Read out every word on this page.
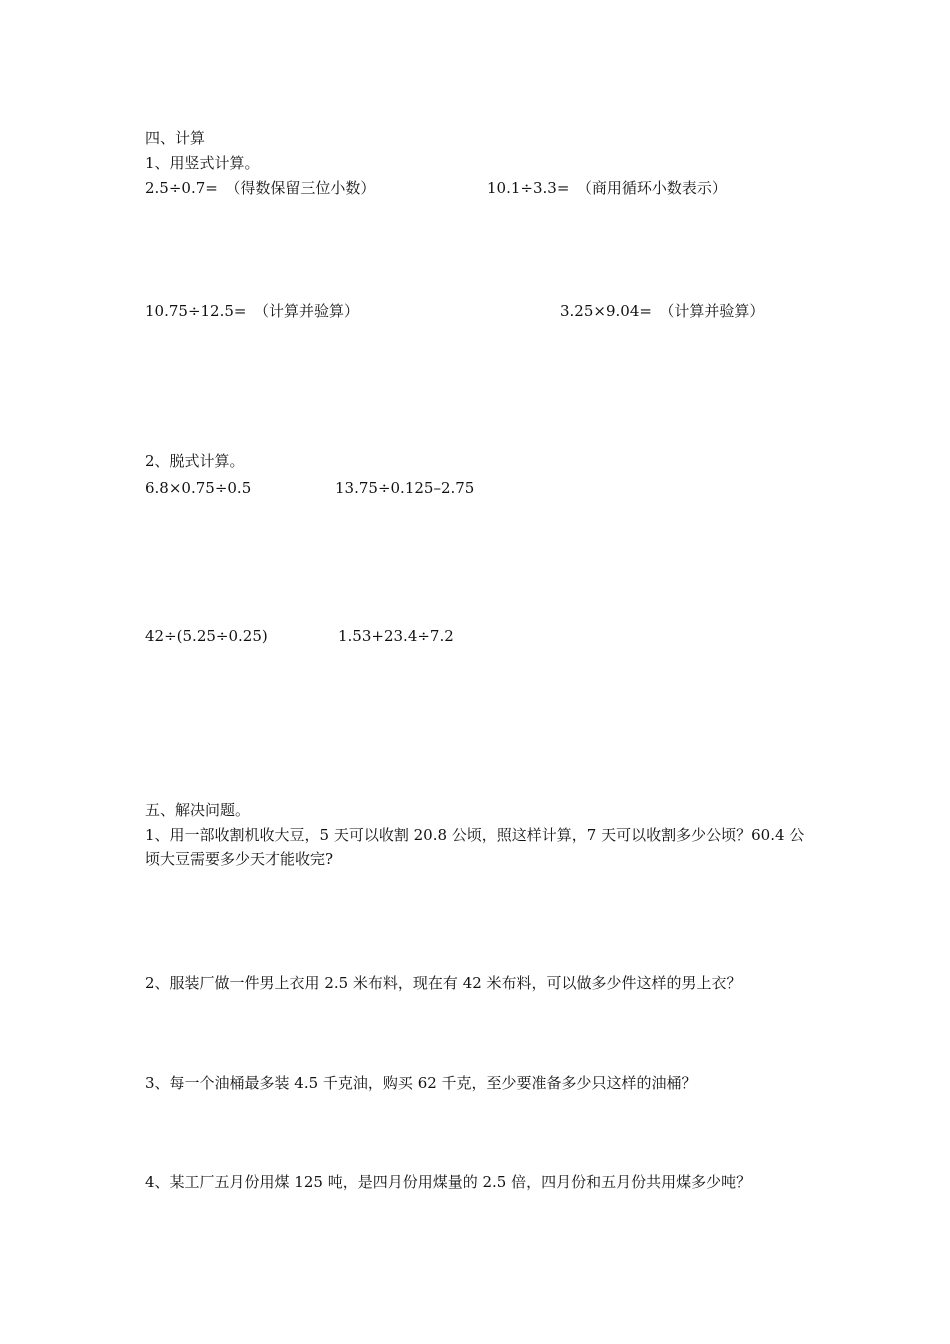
四、计算
1、用竖式计算。
2.5÷0.7=　（得数保留三位小数）	10.1÷3.3=　（商用循环小数表示）
10.75÷12.5=　（计算并验算）	3.25×9.04=　（计算并验算）
2、脱式计算。
6.8×0.75÷0.5	13.75÷0.125–2.75
42÷(5.25÷0.25)	1.53+23.4÷7.2
五、解决问题。
1、用一部收割机收大豆，5 天可以收割 20.8 公顷，照这样计算，7 天可以收割多少公顷？60.4 公顷大豆需要多少天才能收完?
2、服装厂做一件男上衣用 2.5 米布料，现在有 42 米布料，可以做多少件这样的男上衣？
3、每一个油桶最多装 4.5 千克油，购买 62 千克，至少要准备多少只这样的油桶？
4、某工厂五月份用煤 125 吨，是四月份用煤量的 2.5 倍，四月份和五月份共用煤多少吨？
